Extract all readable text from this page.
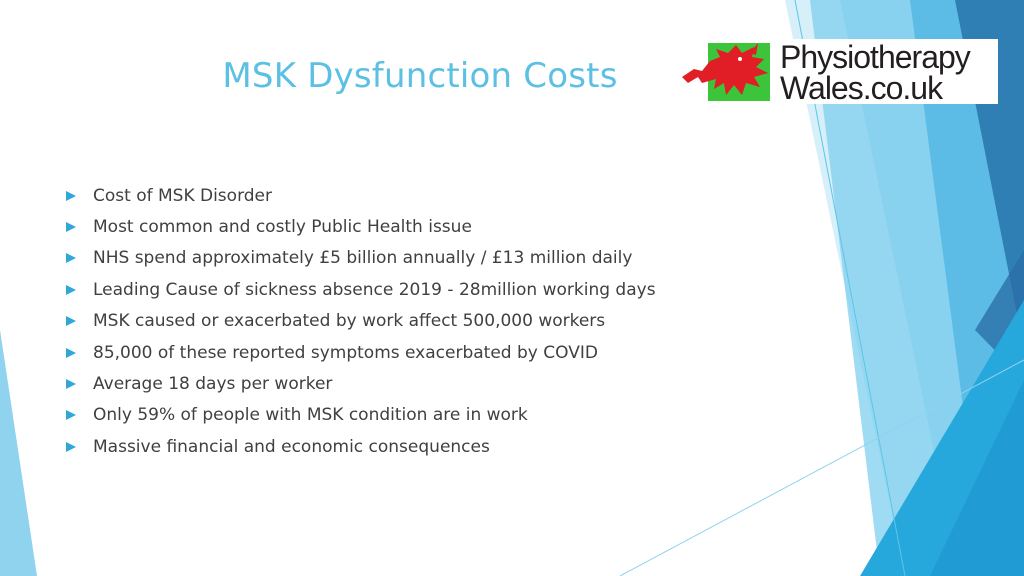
MSK Dysfunction Costs	Physiotherapy
Wales.co.uk
Cost of MSK Disorder
Most common and costly Public Health issue
NHS spend approximately £5 billion annually / £13 million daily
Leading Cause of sickness absence 2019 - 28million working days
MSK caused or exacerbated by work affect 500,000 workers
85,000 of these reported symptoms exacerbated by COVID
Average 18 days per worker
Only 59% of people with MSK condition are in work
Massive financial and economic consequences
